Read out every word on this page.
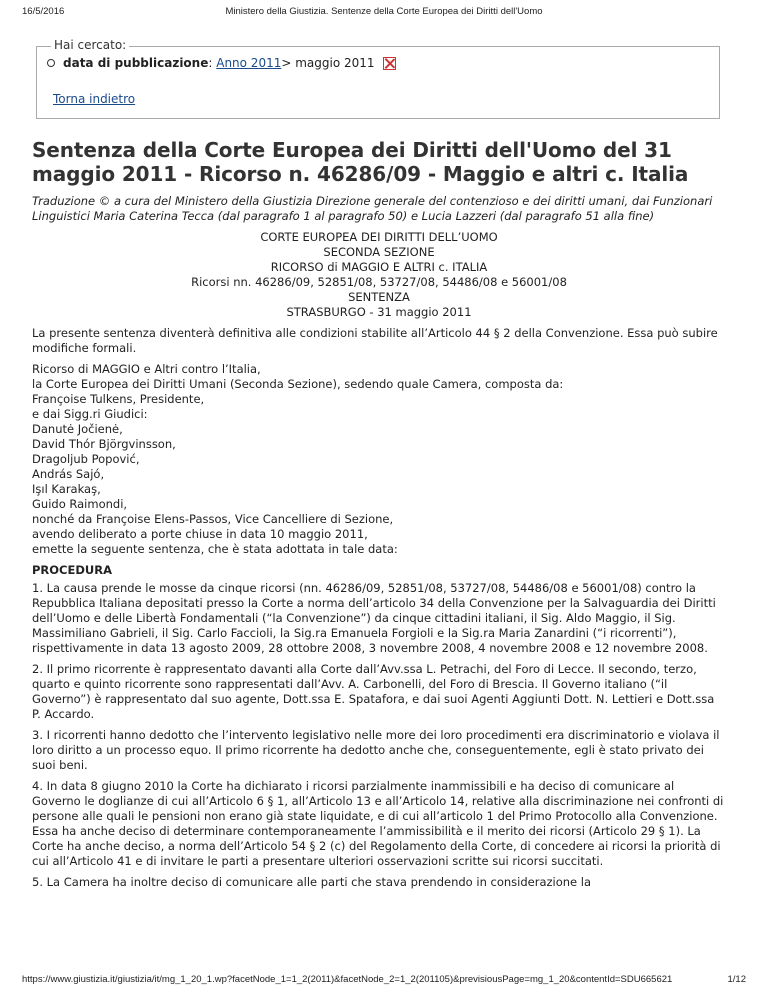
16/5/2016	Ministero della Giustizia. Sentenze della Corte Europea dei Diritti dell'Uomo
Hai cercato:
data di pubblicazione :
Anno 2011 > maggio 2011
Torna indietro
Sentenza della Corte Europea dei Diritti dell'Uomo del 31 maggio 2011 - Ricorso n. 46286/09 - Maggio e altri c. Italia

Traduzione © a cura del Ministero della Giustizia Direzione generale del contenzioso e dei diritti umani, dai Funzionari Linguistici Maria Caterina Tecca (dal paragrafo 1 al paragrafo 50) e Lucia Lazzeri (dal paragrafo 51 alla fine)

CORTE EUROPEA DEI DIRITTI DELL’UOMO
SECONDA SEZIONE
RICORSO di MAGGIO E ALTRI c. ITALIA
Ricorsi nn. 46286/09, 52851/08, 53727/08, 54486/08 e 56001/08
SENTENZA
STRASBURGO - 31 maggio 2011

La presente sentenza diventerà definitiva alle condizioni stabilite all’Articolo 44 § 2 della Convenzione. Essa può subire modifiche formali.

Ricorso di MAGGIO e Altri contro l’Italia,
la Corte Europea dei Diritti Umani (Seconda Sezione), sedendo quale Camera, composta da:
Françoise Tulkens, Presidente,
e dai Sigg.ri Giudici:
Danutė Jočienė,
David Thór Björgvinsson,
Dragoljub Popović,
András Sajó,
Işıl Karakaş,
Guido Raimondi,
nonché da Françoise Elens-Passos, Vice Cancelliere di Sezione,
avendo deliberato a porte chiuse in data 10 maggio 2011,
emette la seguente sentenza, che è stata adottata in tale data:
PROCEDURA

1. La causa prende le mosse da cinque ricorsi (nn. 46286/09, 52851/08, 53727/08, 54486/08 e 56001/08) contro la Repubblica Italiana depositati presso la Corte a norma dell’articolo 34 della Convenzione per la Salvaguardia dei Diritti dell’Uomo e delle Libertà Fondamentali (“la Convenzione”) da cinque cittadini italiani, il Sig. Aldo Maggio, il Sig. Massimiliano Gabrieli, il Sig. Carlo Faccioli, la Sig.ra Emanuela Forgioli e la Sig.ra Maria Zanardini (“i ricorrenti”), rispettivamente in data 13 agosto 2009, 28 ottobre 2008, 3 novembre 2008, 4 novembre 2008 e 12 novembre 2008.

2. Il primo ricorrente è rappresentato davanti alla Corte dall’Avv.ssa L. Petrachi, del Foro di Lecce. Il secondo, terzo, quarto e quinto ricorrente sono rappresentati dall’Avv. A. Carbonelli, del Foro di Brescia. Il Governo italiano (“il Governo”) è rappresentato dal suo agente, Dott.ssa E. Spatafora, e dai suoi Agenti Aggiunti Dott. N. Lettieri e Dott.ssa P. Accardo.

3. I ricorrenti hanno dedotto che l’intervento legislativo nelle more dei loro procedimenti era discriminatorio e violava il loro diritto a un processo equo. Il primo ricorrente ha dedotto anche che, conseguentemente, egli è stato privato dei suoi beni.

4. In data 8 giugno 2010 la Corte ha dichiarato i ricorsi parzialmente inammissibili e ha deciso di comunicare al Governo le doglianze di cui all’Articolo 6 § 1, all’Articolo 13 e all’Articolo 14, relative alla discriminazione nei confronti di persone alle quali le pensioni non erano già state liquidate, e di cui all’articolo 1 del Primo Protocollo alla Convenzione. Essa ha anche deciso di determinare contemporaneamente l’ammissibilità e il merito dei ricorsi (Articolo 29 § 1). La Corte ha anche deciso, a norma dell’Articolo 54 § 2 (c) del Regolamento della Corte, di concedere ai ricorsi la priorità di cui all’Articolo 41 e di invitare le parti a presentare ulteriori osservazioni scritte sui ricorsi succitati.

5. La Camera ha inoltre deciso di comunicare alle parti che stava prendendo in considerazione la

https://www.giustizia.it/giustizia/it/mg_1_20_1.wp?facetNode_1=1_2(2011)&facetNode_2=1_2(201105)&previsiousPage=mg_1_20&contentId=SDU665621	1/12
